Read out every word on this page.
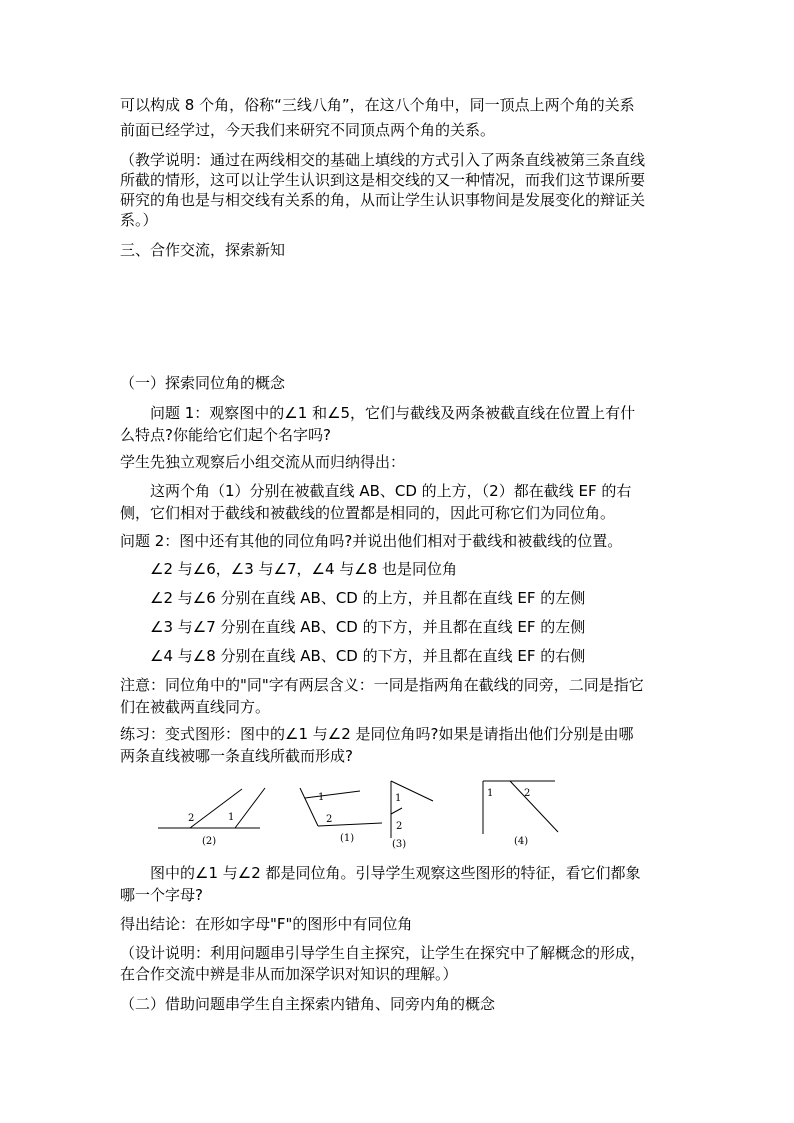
可以构成 8 个角，俗称“三线八角”，在这八个角中，同一顶点上两个角的关系
前面已经学过，今天我们来研究不同顶点两个角的关系。
（教学说明：通过在两线相交的基础上填线的方式引入了两条直线被第三条直线
所截的情形，这可以让学生认识到这是相交线的又一种情况，而我们这节课所要
研究的角也是与相交线有关系的角，从而让学生认识事物间是发展变化的辩证关
系。）
三、合作交流，探索新知
（一）探索同位角的概念
问题 1：观察图中的∠1 和∠5，它们与截线及两条被截直线在位置上有什
么特点?你能给它们起个名字吗?
学生先独立观察后小组交流从而归纳得出：
这两个角（1）分别在被截直线 AB、CD 的上方，（2）都在截线 EF 的右
侧，它们相对于截线和被截线的位置都是相同的，因此可称它们为同位角。
问题 2：图中还有其他的同位角吗?并说出他们相对于截线和被截线的位置。
∠2 与∠6，∠3 与∠7，∠4 与∠8 也是同位角
∠2 与∠6 分别在直线 AB、CD 的上方，并且都在直线 EF 的左侧
∠3 与∠7 分别在直线 AB、CD 的下方，并且都在直线 EF 的左侧
∠4 与∠8 分别在直线 AB、CD 的下方，并且都在直线 EF 的右侧
注意：同位角中的"同"字有两层含义：一同是指两角在截线的同旁，二同是指它
们在被截两直线同方。
练习：变式图形：图中的∠1 与∠2 是同位角吗?如果是请指出他们分别是由哪
两条直线被哪一条直线所截而形成?
2	1
(2)
1
2
(1)
1
2
(3)
1	2
(4)
图中的∠1 与∠2 都是同位角。引导学生观察这些图形的特征，看它们都象
哪一个字母?
得出结论：在形如字母"F"的图形中有同位角
（设计说明：利用问题串引导学生自主探究，让学生在探究中了解概念的形成，
在合作交流中辨是非从而加深学识对知识的理解。）
（二）借助问题串学生自主探索内错角、同旁内角的概念
